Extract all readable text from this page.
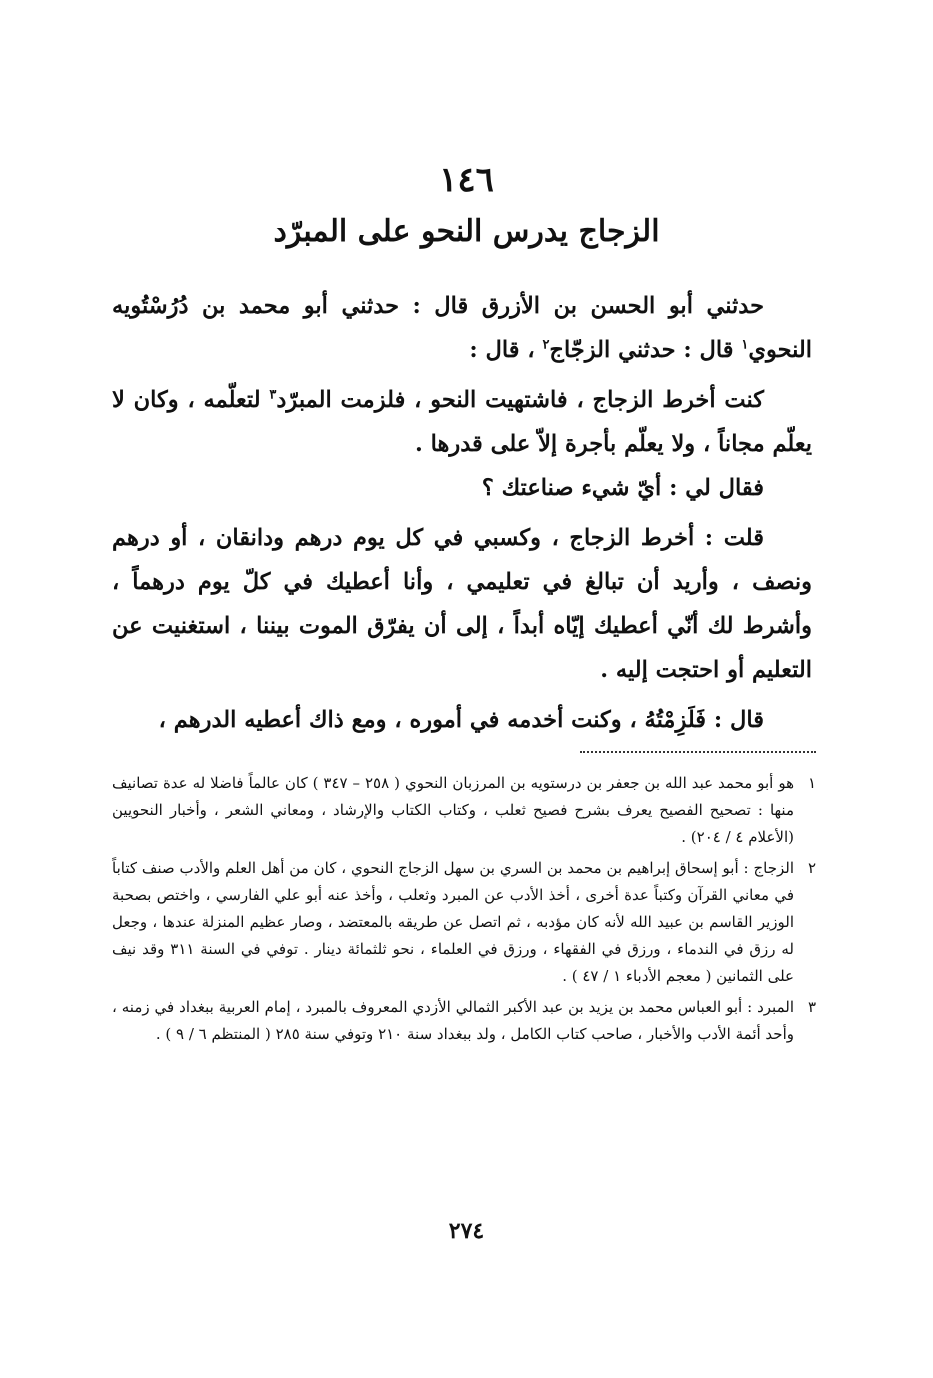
١٤٦
الزجاج يدرس النحو على المبرّد

حدثني أبو الحسن بن الأزرق قال : حدثني أبو محمد بن دُرُسْتُويه النحوي$^١$ قال : حدثني الزجّاج$^٢$ ، قال :

كنت أخرط الزجاج ، فاشتهيت النحو ، فلزمت المبرّد$^٣$ لتعلّمه ، وكان لا يعلّم مجاناً ، ولا يعلّم بأجرة إلاّ على قدرها .

فقال لي : أيّ شيء صناعتك ؟

قلت : أخرط الزجاج ، وكسبي في كل يوم درهم ودانقان ، أو درهم ونصف ، وأريد أن تبالغ في تعليمي ، وأنا أعطيك في كلّ يوم درهماً ، وأشرط لك أنّي أعطيك إيّاه أبداً ، إلى أن يفرّق الموت بيننا ، استغنيت عن التعليم أو احتجت إليه .

قال : فَلَزِمْتُهُ ، وكنت أخدمه في أموره ، ومع ذاك أعطيه الدرهم ،

١
هو أبو محمد عبد الله بن جعفر بن درستويه بن المرزبان النحوي ( ٢٥٨ – ٣٤٧ ) كان عالماً فاضلا له عدة تصانيف منها : تصحيح الفصيح يعرف بشرح فصيح ثعلب ، وكتاب الكتاب والإرشاد ، ومعاني الشعر ، وأخبار النحويين (الأعلام ٤ / ٢٠٤) .
٢
الزجاج : أبو إسحاق إبراهيم بن محمد بن السري بن سهل الزجاج النحوي ، كان من أهل العلم والأدب صنف كتاباً في معاني القرآن وكتباً عدة أخرى ، أخذ الأدب عن المبرد وثعلب ، وأخذ عنه أبو علي الفارسي ، واختص بصحبة الوزير القاسم بن عبيد الله لأنه كان مؤدبه ، ثم اتصل عن طريقه بالمعتضد ، وصار عظيم المنزلة عندها ، وجعل له رزق في الندماء ، ورزق في الفقهاء ، ورزق في العلماء ، نحو ثلثمائة دينار . توفي في السنة ٣١١ وقد نيف على الثمانين ( معجم الأدباء ١ / ٤٧ ) .
٣
المبرد : أبو العباس محمد بن يزيد بن عبد الأكبر الثمالي الأزدي المعروف بالمبرد ، إمام العربية ببغداد في زمنه ، وأحد أئمة الأدب والأخبار ، صاحب كتاب الكامل ، ولد ببغداد سنة ٢١٠ وتوفي سنة ٢٨٥ ( المنتظم ٦ / ٩ ) .
٢٧٤
